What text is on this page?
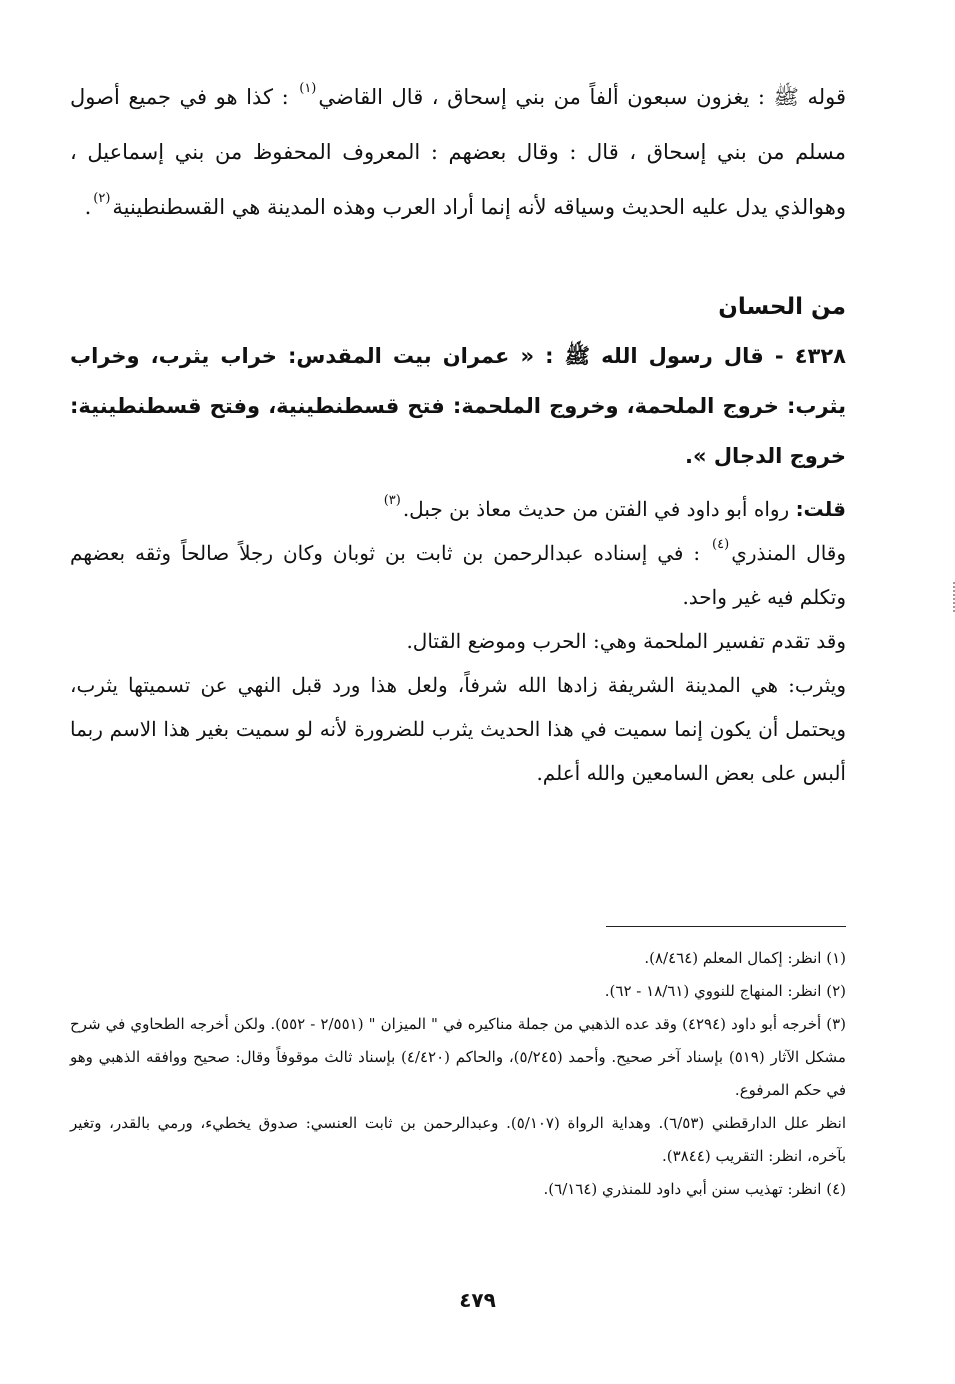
قوله ﷺ : يغزون سبعون ألفاً من بني إسحاق ، قال القاضي$^{(١)}$ : كذا هو في جميع أصول مسلم من بني إسحاق ، قال : وقال بعضهم : المعروف المحفوظ من بني إسماعيل ، وهوالذي يدل عليه الحديث وسياقه لأنه إنما أراد العرب وهذه المدينة هي القسطنطينية$^{(٢)}$.

من الحسان

٤٣٢٨ - قال رسول الله ﷺ : « عمران بيت المقدس: خراب يثرب، وخراب يثرب: خروج الملحمة، وخروج الملحمة: فتح قسطنطينية، وفتح قسطنطينية: خروج الدجال ».

قلت: رواه أبو داود في الفتن من حديث معاذ بن جبل.$^{(٣)}$

وقال المنذري$^{(٤)}$ : في إسناده عبدالرحمن بن ثابت بن ثوبان وكان رجلاً صالحاً وثقه بعضهم وتكلم فيه غير واحد.

وقد تقدم تفسير الملحمة وهي: الحرب وموضع القتال.

ويثرب: هي المدينة الشريفة زادها الله شرفاً، ولعل هذا ورد قبل النهي عن تسميتها يثرب، ويحتمل أن يكون إنما سميت في هذا الحديث يثرب للضرورة لأنه لو سميت بغير هذا الاسم ربما ألبس على بعض السامعين والله أعلم.

(١) انظر: إكمال المعلم (٨/٤٦٤).

(٢) انظر: المنهاج للنووي (١٨/٦١ - ٦٢).

(٣) أخرجه أبو داود (٤٢٩٤) وقد عده الذهبي من جملة مناكيره في " الميزان " (٢/٥٥١ - ٥٥٢). ولكن أخرجه الطحاوي في شرح مشكل الآثار (٥١٩) بإسناد آخر صحيح. وأحمد (٥/٢٤٥)، والحاكم (٤/٤٢٠) بإسناد ثالث موقوفاً وقال: صحيح ووافقه الذهبي وهو في حكم المرفوع.
انظر علل الدارقطني (٦/٥٣). وهداية الرواة (٥/١٠٧). وعبدالرحمن بن ثابت العنسي: صدوق يخطيء، ورمي بالقدر، وتغير بآخره، انظر: التقريب (٣٨٤٤).

(٤) انظر: تهذيب سنن أبي داود للمنذري (٦/١٦٤).

٤٧٩
